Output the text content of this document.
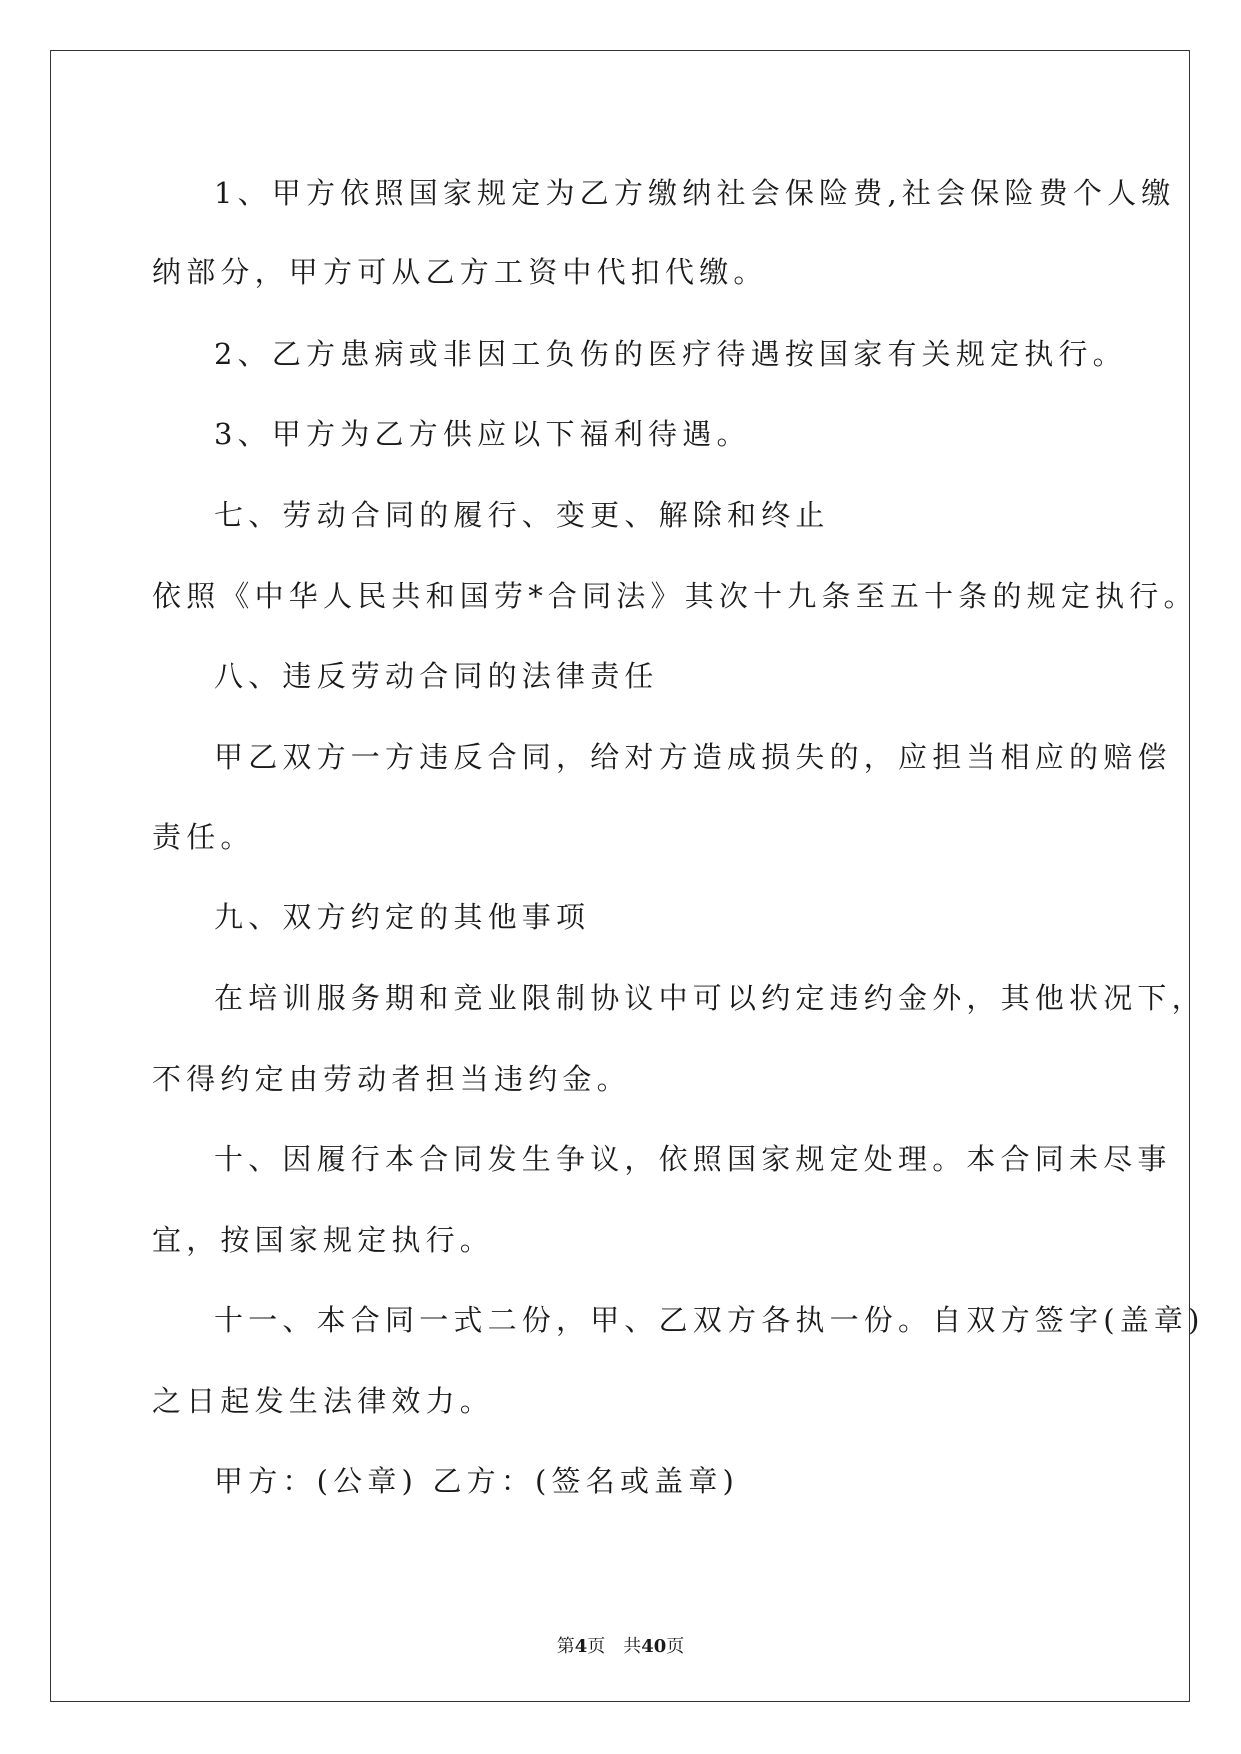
1、甲方依照国家规定为乙方缴纳社会保险费,社会保险费个人缴
纳部分，甲方可从乙方工资中代扣代缴。
2、乙方患病或非因工负伤的医疗待遇按国家有关规定执行。
3、甲方为乙方供应以下福利待遇。
七、劳动合同的履行、变更、解除和终止
依照《中华人民共和国劳*合同法》其次十九条至五十条的规定执行。
八、违反劳动合同的法律责任
甲乙双方一方违反合同，给对方造成损失的，应担当相应的赔偿
责任。
九、双方约定的其他事项
在培训服务期和竞业限制协议中可以约定违约金外，其他状况下，
不得约定由劳动者担当违约金。
十、因履行本合同发生争议，依照国家规定处理。本合同未尽事
宜，按国家规定执行。
十一、本合同一式二份，甲、乙双方各执一份。自双方签字(盖章)
之日起发生法律效力。
甲方：(公章) 乙方：(签名或盖章)
第4页 共40页
